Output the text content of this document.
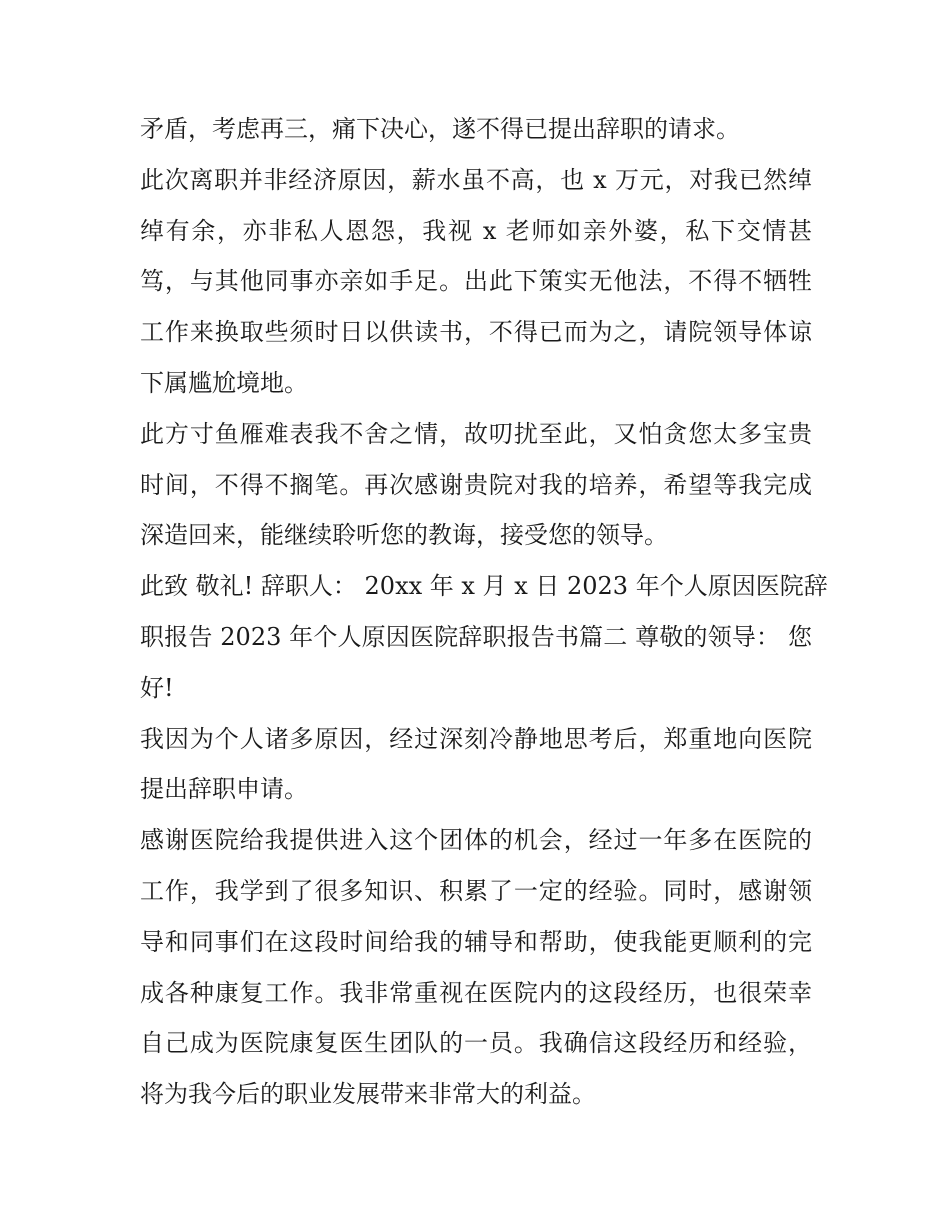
矛盾，考虑再三，痛下决心，遂不得已提出辞职的请求。
此次离职并非经济原因，薪水虽不高，也 x 万元，对我已然绰
绰有余，亦非私人恩怨，我视 x 老师如亲外婆，私下交情甚
笃，与其他同事亦亲如手足。出此下策实无他法，不得不牺牲
工作来换取些须时日以供读书，不得已而为之，请院领导体谅
下属尴尬境地。
此方寸鱼雁难表我不舍之情，故叨扰至此，又怕贪您太多宝贵
时间，不得不搁笔。再次感谢贵院对我的培养，希望等我完成
深造回来，能继续聆听您的教诲，接受您的领导。
此致 敬礼! 辞职人： 20xx 年 x 月 x 日 2023 年个人原因医院辞
职报告 2023 年个人原因医院辞职报告书篇二 尊敬的领导： 您
好!
我因为个人诸多原因，经过深刻冷静地思考后，郑重地向医院
提出辞职申请。
感谢医院给我提供进入这个团体的机会，经过一年多在医院的
工作，我学到了很多知识、积累了一定的经验。同时，感谢领
导和同事们在这段时间给我的辅导和帮助，使我能更顺利的完
成各种康复工作。我非常重视在医院内的这段经历，也很荣幸
自己成为医院康复医生团队的一员。我确信这段经历和经验，
将为我今后的职业发展带来非常大的利益。
